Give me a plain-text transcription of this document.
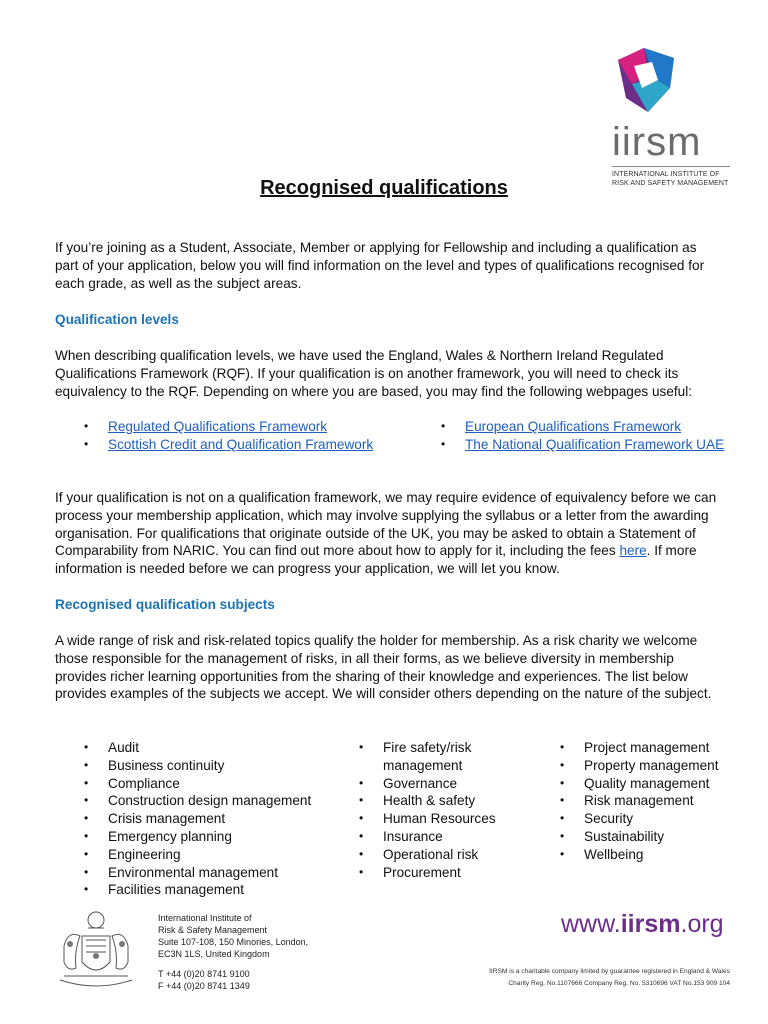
iirsm
INTERNATIONAL INSTITUTE OF
RISK AND SAFETY MANAGEMENT
Recognised qualifications

If you’re joining as a Student, Associate, Member or applying for Fellowship and including a qualification as part of your application, below you will find information on the level and types of qualifications recognised for each grade, as well as the subject areas.

Qualification levels

When describing qualification levels, we have used the England, Wales & Northern Ireland Regulated Qualifications Framework (RQF). If your qualification is on another framework, you will need to check its equivalency to the RQF. Depending on where you are based, you may find the following webpages useful:

• Regulated Qualifications Framework
• Scottish Credit and Qualification Framework
• European Qualifications Framework
• The National Qualification Framework UAE

If your qualification is not on a qualification framework, we may require evidence of equivalency before we can process your membership application, which may involve supplying the syllabus or a letter from the awarding organisation. For qualifications that originate outside of the UK, you may be asked to obtain a Statement of Comparability from NARIC. You can find out more about how to apply for it, including the fees here. If more information is needed before we can progress your application, we will let you know.

Recognised qualification subjects

A wide range of risk and risk-related topics qualify the holder for membership. As a risk charity we welcome those responsible for the management of risks, in all their forms, as we believe diversity in membership provides richer learning opportunities from the sharing of their knowledge and experiences. The list below provides examples of the subjects we accept. We will consider others depending on the nature of the subject.

• Audit
• Business continuity
• Compliance
• Construction design management
• Crisis management
• Emergency planning
• Engineering
• Environmental management
• Facilities management
• Fire safety/risk management
• Governance
• Health & safety
• Human Resources
• Insurance
• Operational risk
• Procurement
• Project management
• Property management
• Quality management
• Risk management
• Security
• Sustainability
• Wellbeing
International Institute of
Risk & Safety Management
Suite 107-108, 150 Minories, London,
EC3N 1LS, United Kingdom
T +44 (0)20 8741 9100
F +44 (0)20 8741 1349
www.iirsm.org
IIRSM is a charitable company limited by guarantee registered in England & Wales
Charity Reg. No.1107666 Company Reg. No. 5310696 VAT No.153 909 104
